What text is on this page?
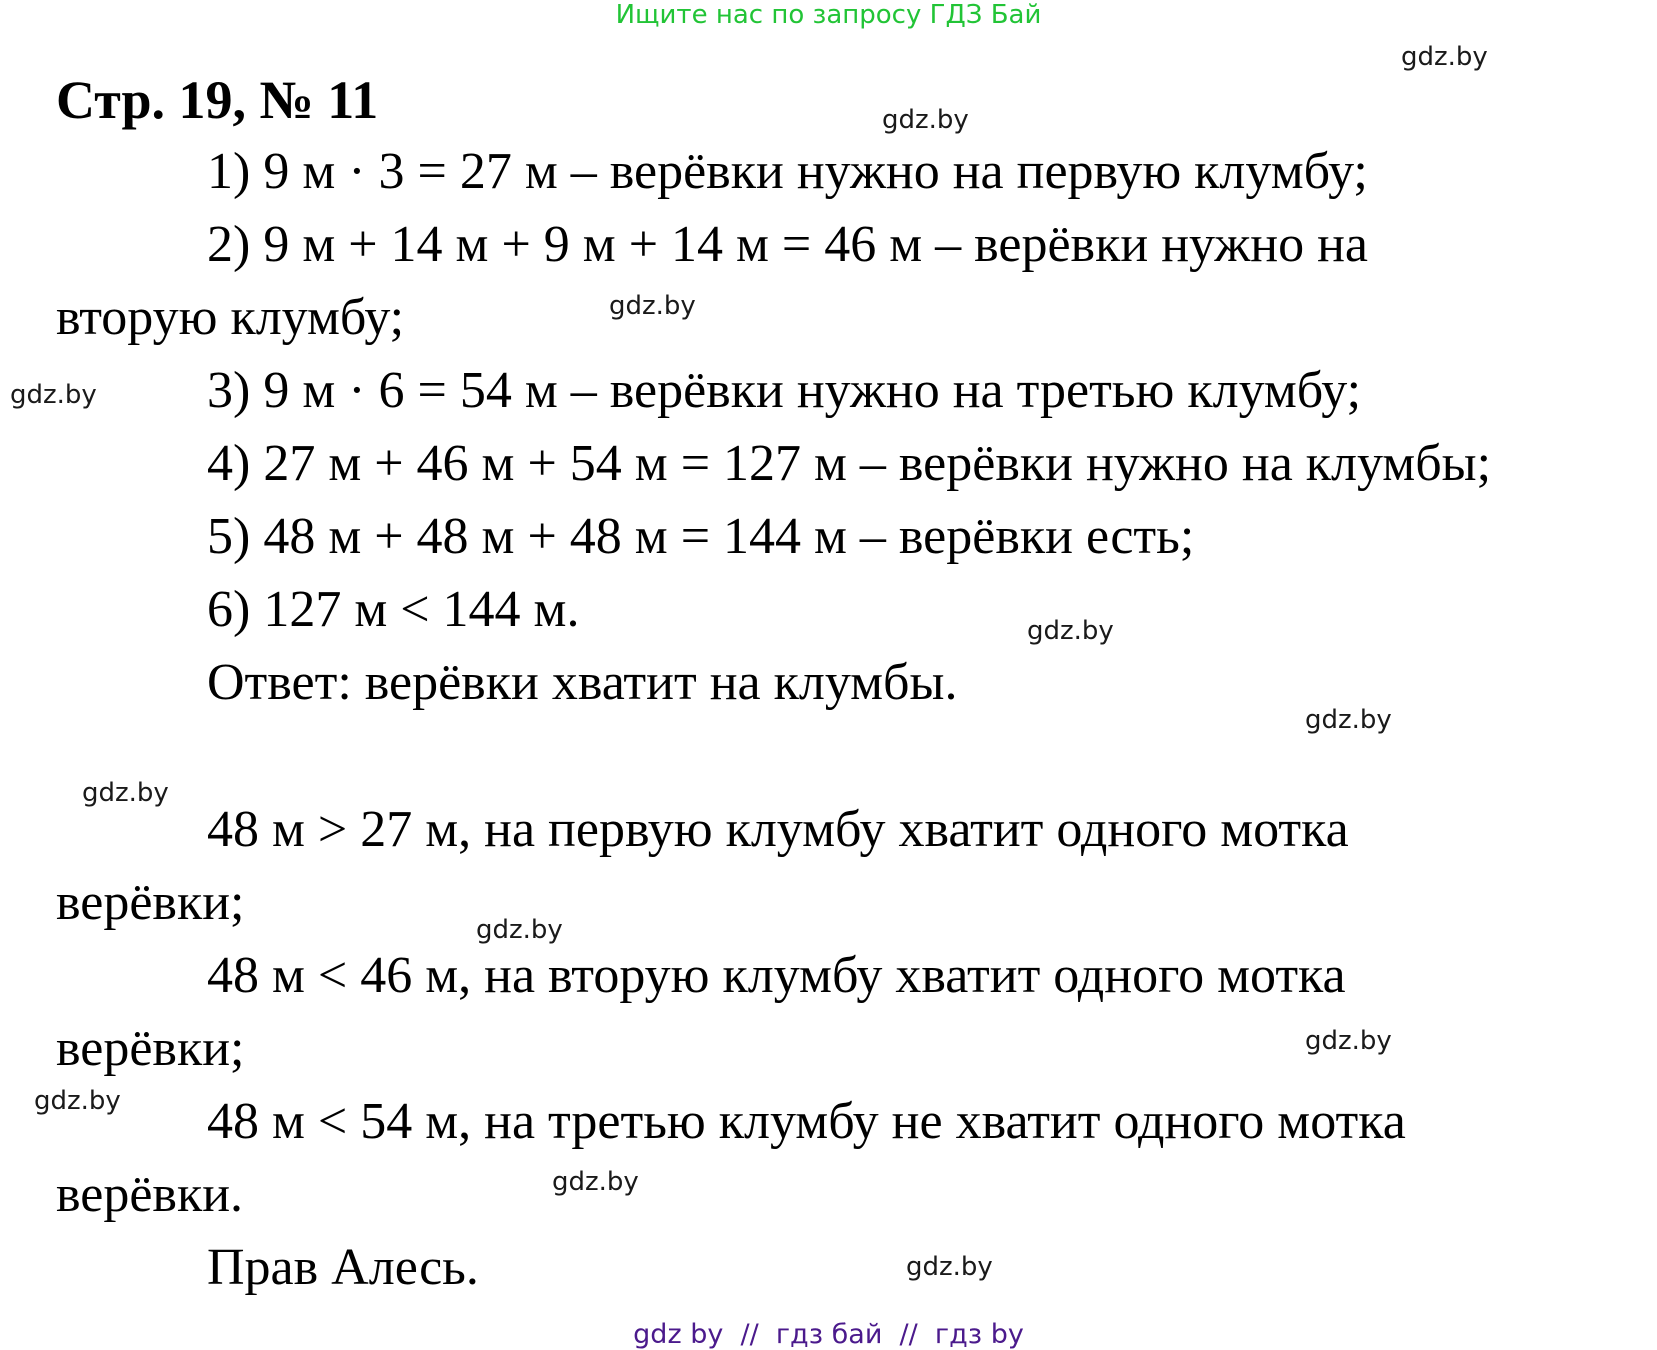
Ищите нас по запросу ГДЗ Бай
Стр. 19, № 11
1) 9 м · 3 = 27 м – верёвки нужно на первую клумбу;
2) 9 м + 14 м + 9 м + 14 м = 46 м – верёвки нужно на
вторую клумбу;
3) 9 м · 6 = 54 м – верёвки нужно на третью клумбу;
4) 27 м + 46 м + 54 м = 127 м – верёвки нужно на клумбы;
5) 48 м + 48 м + 48 м = 144 м – верёвки есть;
6) 127 м < 144 м.
Ответ: верёвки хватит на клумбы.
48 м > 27 м, на первую клумбу хватит одного мотка
верёвки;
48 м < 46 м, на вторую клумбу хватит одного мотка
верёвки;
48 м < 54 м, на третью клумбу не хватит одного мотка
верёвки.
Прав Алесь.
gdz.by
gdz.by
gdz.by
gdz.by
gdz.by
gdz.by
gdz.by
gdz.by
gdz.by
gdz.by
gdz.by
gdz.by
gdz by  //  гдз бай  //  гдз by
